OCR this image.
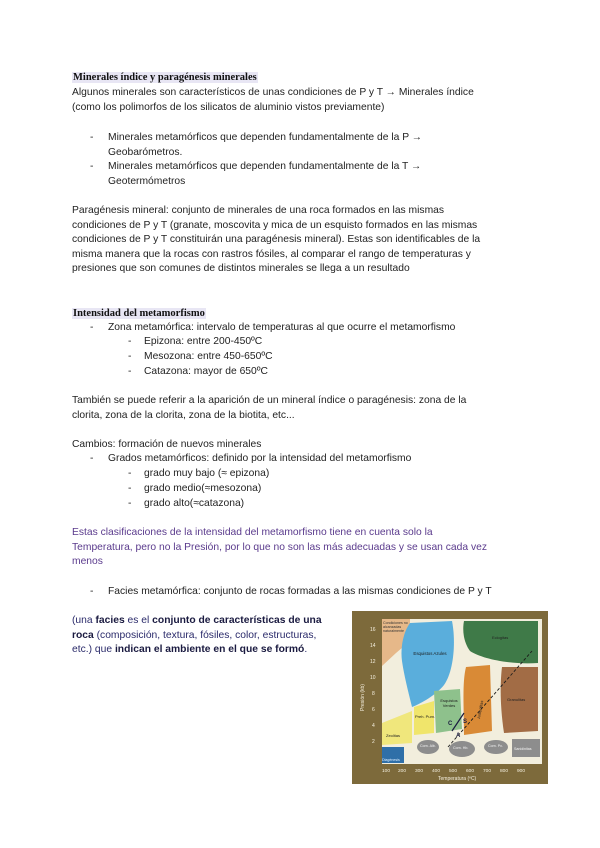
Minerales índice y paragénesis minerales
Algunos minerales son característicos de unas condiciones de P y T → Minerales índice
(como los polimorfos de los silicatos de aluminio vistos previamente)
- Minerales metamórficos que dependen fundamentalmente de la P →
Geobarómetros.
- Minerales metamórficos que dependen fundamentalmente de la T →
Geotermómetros
Paragénesis mineral: conjunto de minerales de una roca formados en las mismas
condiciones de P y T (granate, moscovita y mica de un esquisto formados en las mismas
condiciones de P y T constituirán una paragénesis mineral). Estas son identificables de la
misma manera que la rocas con rastros fósiles, al comparar el rango de temperaturas y
presiones que son comunes de distintos minerales se llega a un resultado
Intensidad del metamorfismo
- Zona metamórfica: intervalo de temperaturas al que ocurre el metamorfismo
- Epizona: entre 200-450ºC
- Mesozona: entre 450-650ºC
- Catazona: mayor de 650ºC
También se puede referir a la aparición de un mineral índice o paragénesis: zona de la
clorita, zona de la clorita, zona de la biotita, etc...
Cambios: formación de nuevos minerales
- Grados metamórficos: definido por la intensidad del metamorfismo
- grado muy bajo (≈ epizona)
- grado medio(≈mesozona)
- grado alto(≈catazona)
Estas clasificaciones de la intensidad del metamorfismo tiene en cuenta solo la
Temperatura, pero no la Presión, por lo que no son las más adecuadas y se usan cada vez
menos
- Facies metamórfica: conjunto de rocas formadas a las mismas condiciones de P y T
(una facies es el conjunto de características de una
roca (composición, textura, fósiles, color, estructuras,
etc.) que indican el ambiente en el que se formó.
16
14
12
10
8
6
4
2
100 200 300 400 500 600 700 800 900
Temperatura (ºC)
Presión (kb)
Condiciones no alcanzadas naturalmente
Esquistos Azules
Eclogitas
Esquistos Verdes
Preh. Pum.
Zeolitas
Anfibolitas
Granulitas
Diagénesis
Corn. Alb.	Corn. Hb.	Corn. Px.
Sanidinitas
C S
A
